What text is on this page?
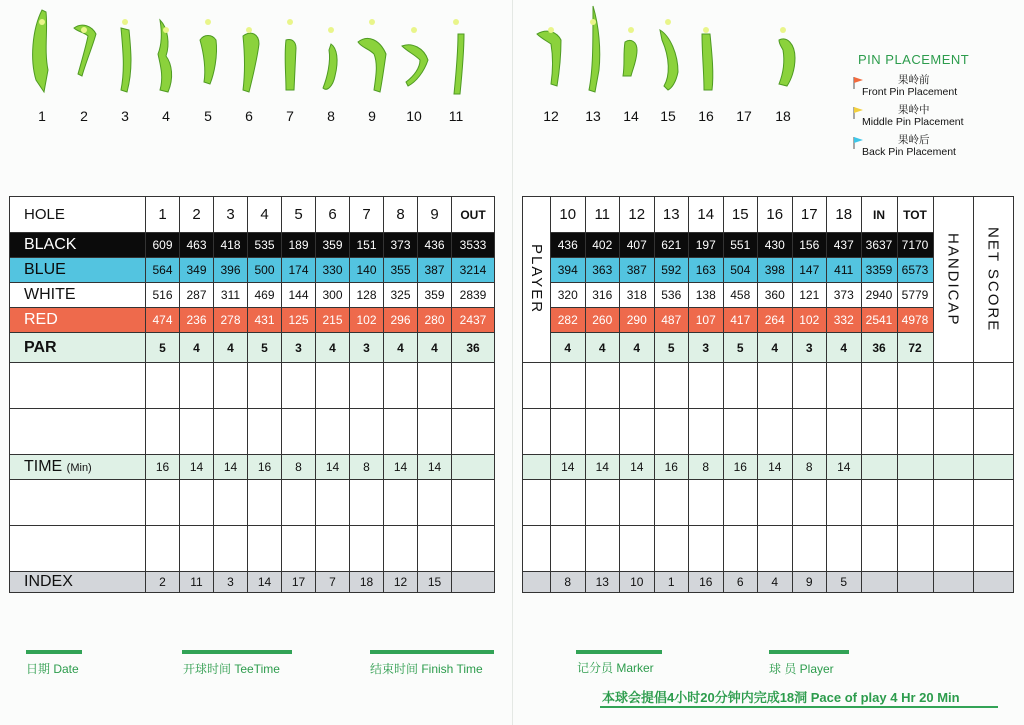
1	2	3	4	5	6	7	8	9	10	11	12	13	14	15	16	17	18
PIN PLACEMENT
果岭前
Front Pin Placement
果岭中
Middle Pin Placement
果岭后
Back Pin Placement
HOLE	1	2	3	4	5	6	7	8	9	OUT
BLACK	609	463	418	535	189	359	151	373	436	3533
BLUE	564	349	396	500	174	330	140	355	387	3214
WHITE	516	287	311	469	144	300	128	325	359	2839
RED	474	236	278	431	125	215	102	296	280	2437
PAR	5	4	4	5	3	4	3	4	4	36

TIME (Min)	16	14	14	16	8	14	8	14	14	

INDEX	2	11	3	14	17	7	18	12	15	
PLAYER	10	11	12	13	14	15	16	17	18	IN	TOT	HANDICAP	NET SCORE
	436	402	407	621	197	551	430	156	437	3637	7170		
	394	363	387	592	163	504	398	147	411	3359	6573		
	320	316	318	536	138	458	360	121	373	2940	5779		
	282	260	290	487	107	417	264	102	332	2541	4978		
	4	4	4	5	3	5	4	3	4	36	72		

	14	14	14	16	8	16	14	8	14				

	8	13	10	1	16	6	4	9	5				
日期 Date	开球时间 TeeTime	结束时间 Finish Time	记分员 Marker	球 员 Player
本球会提倡4小时20分钟内完成18洞 Pace of play 4 Hr 20 Min
